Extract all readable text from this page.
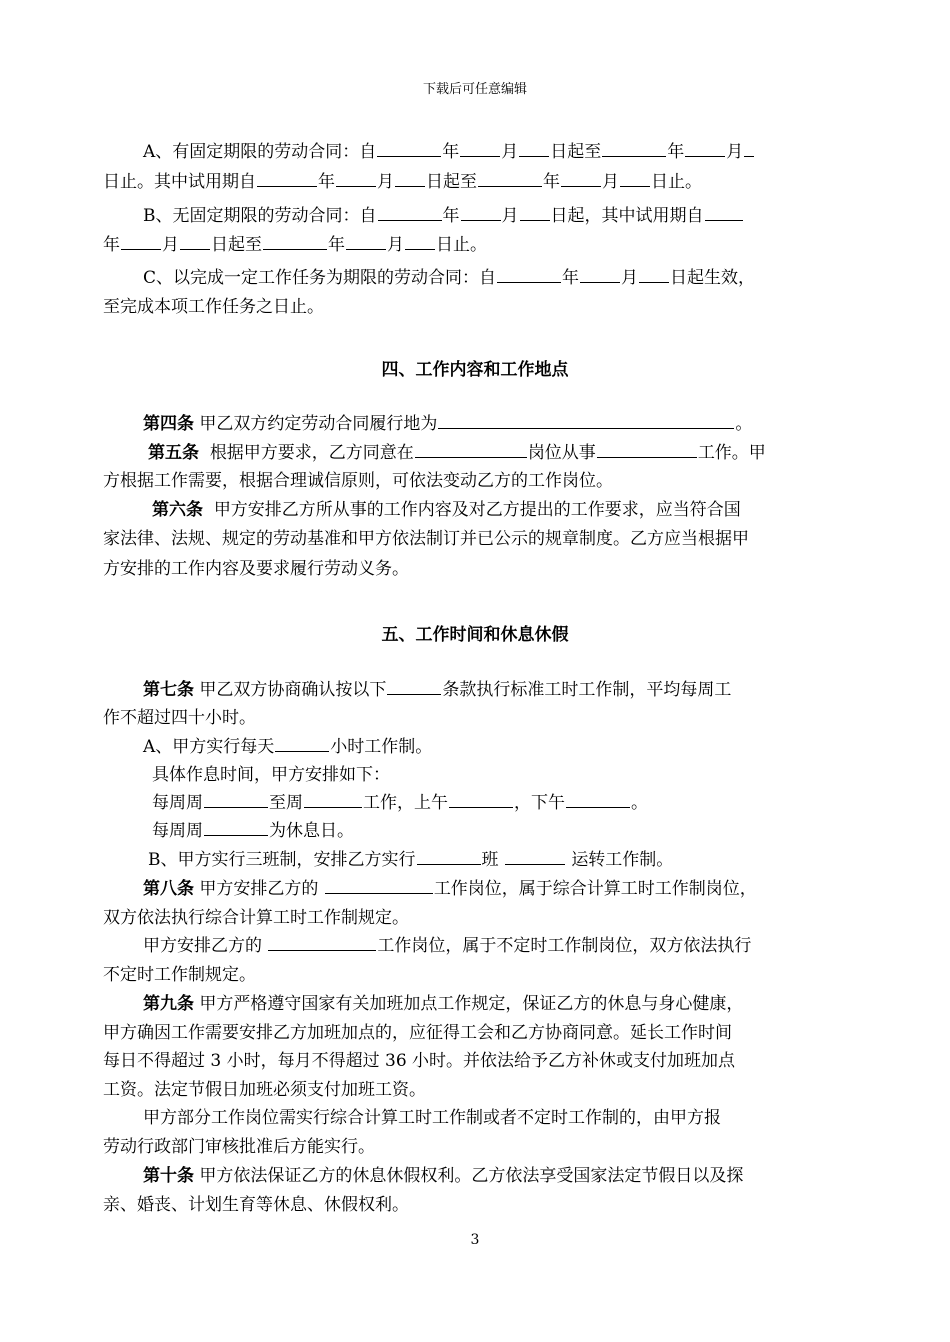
下载后可任意编辑
A、有固定期限的劳动合同：自	年 月 日起至	年 月
日止。其中试用期自	年 月 日起至	年 月 日止。
B、无固定期限的劳动合同：自	年 月 日起，其中试用期自
年 月 日起至	年 月 日止。
C、以完成一定工作任务为期限的劳动合同：自	年 月 日起生效，
至完成本项工作任务之日止。
四、工作内容和工作地点
第四条 甲乙双方约定劳动合同履行地为	。
第五条 根据甲方要求，乙方同意在	岗位从事	工作。甲
方根据工作需要，根据合理诚信原则，可依法变动乙方的工作岗位。
第六条 甲方安排乙方所从事的工作内容及对乙方提出的工作要求，应当符合国
家法律、法规、规定的劳动基准和甲方依法制订并已公示的规章制度。乙方应当根据甲
方安排的工作内容及要求履行劳动义务。
五、工作时间和休息休假
第七条 甲乙双方协商确认按以下	条款执行标准工时工作制，平均每周工
作不超过四十小时。
A、甲方实行每天	小时工作制。
具体作息时间，甲方安排如下：
每周周	至周	工作，上午	，下午	。
每周周	为休息日。
B、甲方实行三班制，安排乙方实行	班	运转工作制。
第八条 甲方安排乙方的	工作岗位，属于综合计算工时工作制岗位，
双方依法执行综合计算工时工作制规定。
甲方安排乙方的	工作岗位，属于不定时工作制岗位，双方依法执行
不定时工作制规定。
第九条 甲方严格遵守国家有关加班加点工作规定，保证乙方的休息与身心健康，
甲方确因工作需要安排乙方加班加点的，应征得工会和乙方协商同意。延长工作时间
每日不得超过 3 小时，每月不得超过 36 小时。并依法给予乙方补休或支付加班加点
工资。法定节假日加班必须支付加班工资。
甲方部分工作岗位需实行综合计算工时工作制或者不定时工作制的，由甲方报
劳动行政部门审核批准后方能实行。
第十条 甲方依法保证乙方的休息休假权利。乙方依法享受国家法定节假日以及探
亲、婚丧、计划生育等休息、休假权利。
3
